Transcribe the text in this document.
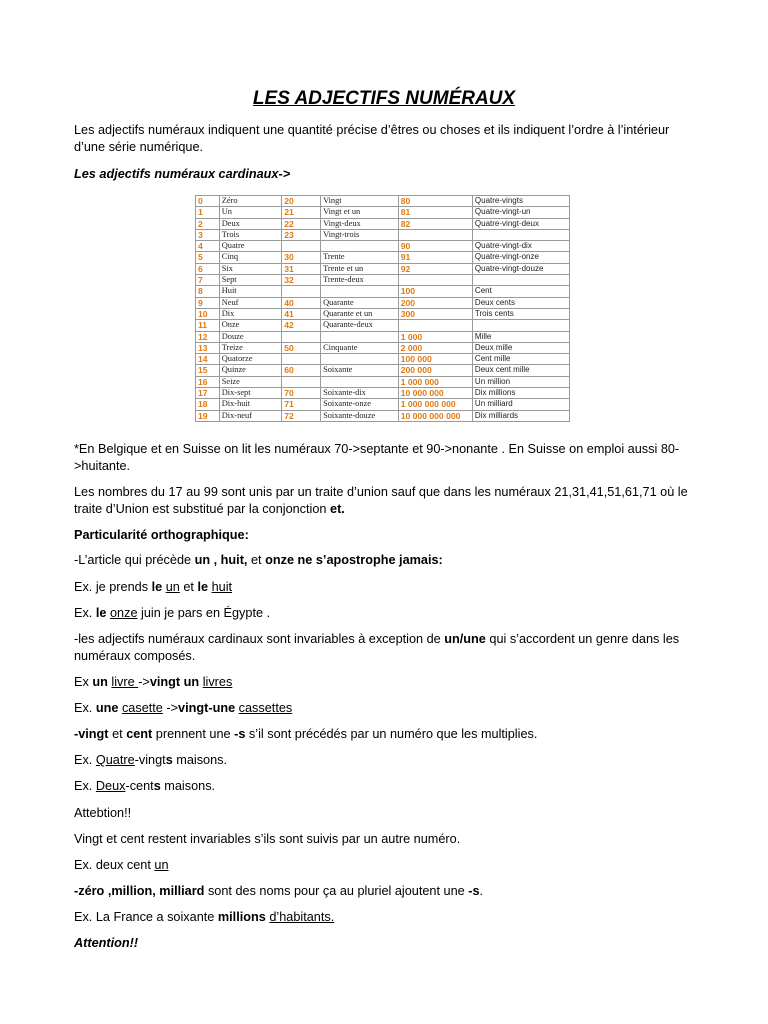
LES ADJECTIFS NUMÉRAUX

Les adjectifs numéraux indiquent une quantité précise d’êtres ou choses et ils indiquent l’ordre à l’intérieur d’une série numérique.

Les adjectifs numéraux cardinaux->

0	Zéro	20	Vingt	80	Quatre-vingts
1	Un	21	Vingt et un	81	Quatre-vingt-un
2	Deux	22	Vingt-deux	82	Quatre-vingt-deux
3	Trois	23	Vingt-trois		
4	Quatre			90	Quatre-vingt-dix
5	Cinq	30	Trente	91	Quatre-vingt-onze
6	Six	31	Trente et un	92	Quatre-vingt-douze
7	Sept	32	Trente-deux		
8	Huit			100	Cent
9	Neuf	40	Quarante	200	Deux cents
10	Dix	41	Quarante et un	300	Trois cents
11	Onze	42	Quarante-deux		
12	Douze			1 000	Mille
13	Treize	50	Cinquante	2 000	Deux mille
14	Quatorze			100 000	Cent mille
15	Quinze	60	Soixante	200 000	Deux cent mille
16	Seize			1 000 000	Un million
17	Dix-sept	70	Soixante-dix	10 000 000	Dix millions
18	Dix-huit	71	Soixante-onze	1 000 000 000	Un milliard
19	Dix-neuf	72	Soixante-douze	10 000 000 000	Dix milliards

*En Belgique et en Suisse on lit les numéraux 70->septante et 90->nonante . En Suisse on emploi aussi 80->huitante.

Les nombres du 17 au 99 sont unis par un traite d’union sauf que dans les numéraux 21,31,41,51,61,71 où le traite d’Union est substitué par la conjonction et.

Particularité orthographique:

-L’article qui précède un , huit, et onze ne s’apostrophe jamais:

Ex. je prends le un et le huit

Ex. le onze juin je pars en Égypte .

-les adjectifs numéraux cardinaux sont invariables à exception de un/une qui s’accordent un genre dans les numéraux composés.

Ex un livre ->vingt un livres

Ex. une casette ->vingt-une cassettes

-vingt et cent prennent une -s s’il sont précédés par un numéro que les multiplies.

Ex. Quatre-vingts maisons.

Ex. Deux-cents maisons.

Attebtion!!

Vingt et cent restent invariables s’ils sont suivis par un autre numéro.

Ex. deux cent un

-zéro ,million, milliard sont des noms pour ça au pluriel ajoutent une -s.

Ex. La France a soixante millions d’habitants.

Attention!!
